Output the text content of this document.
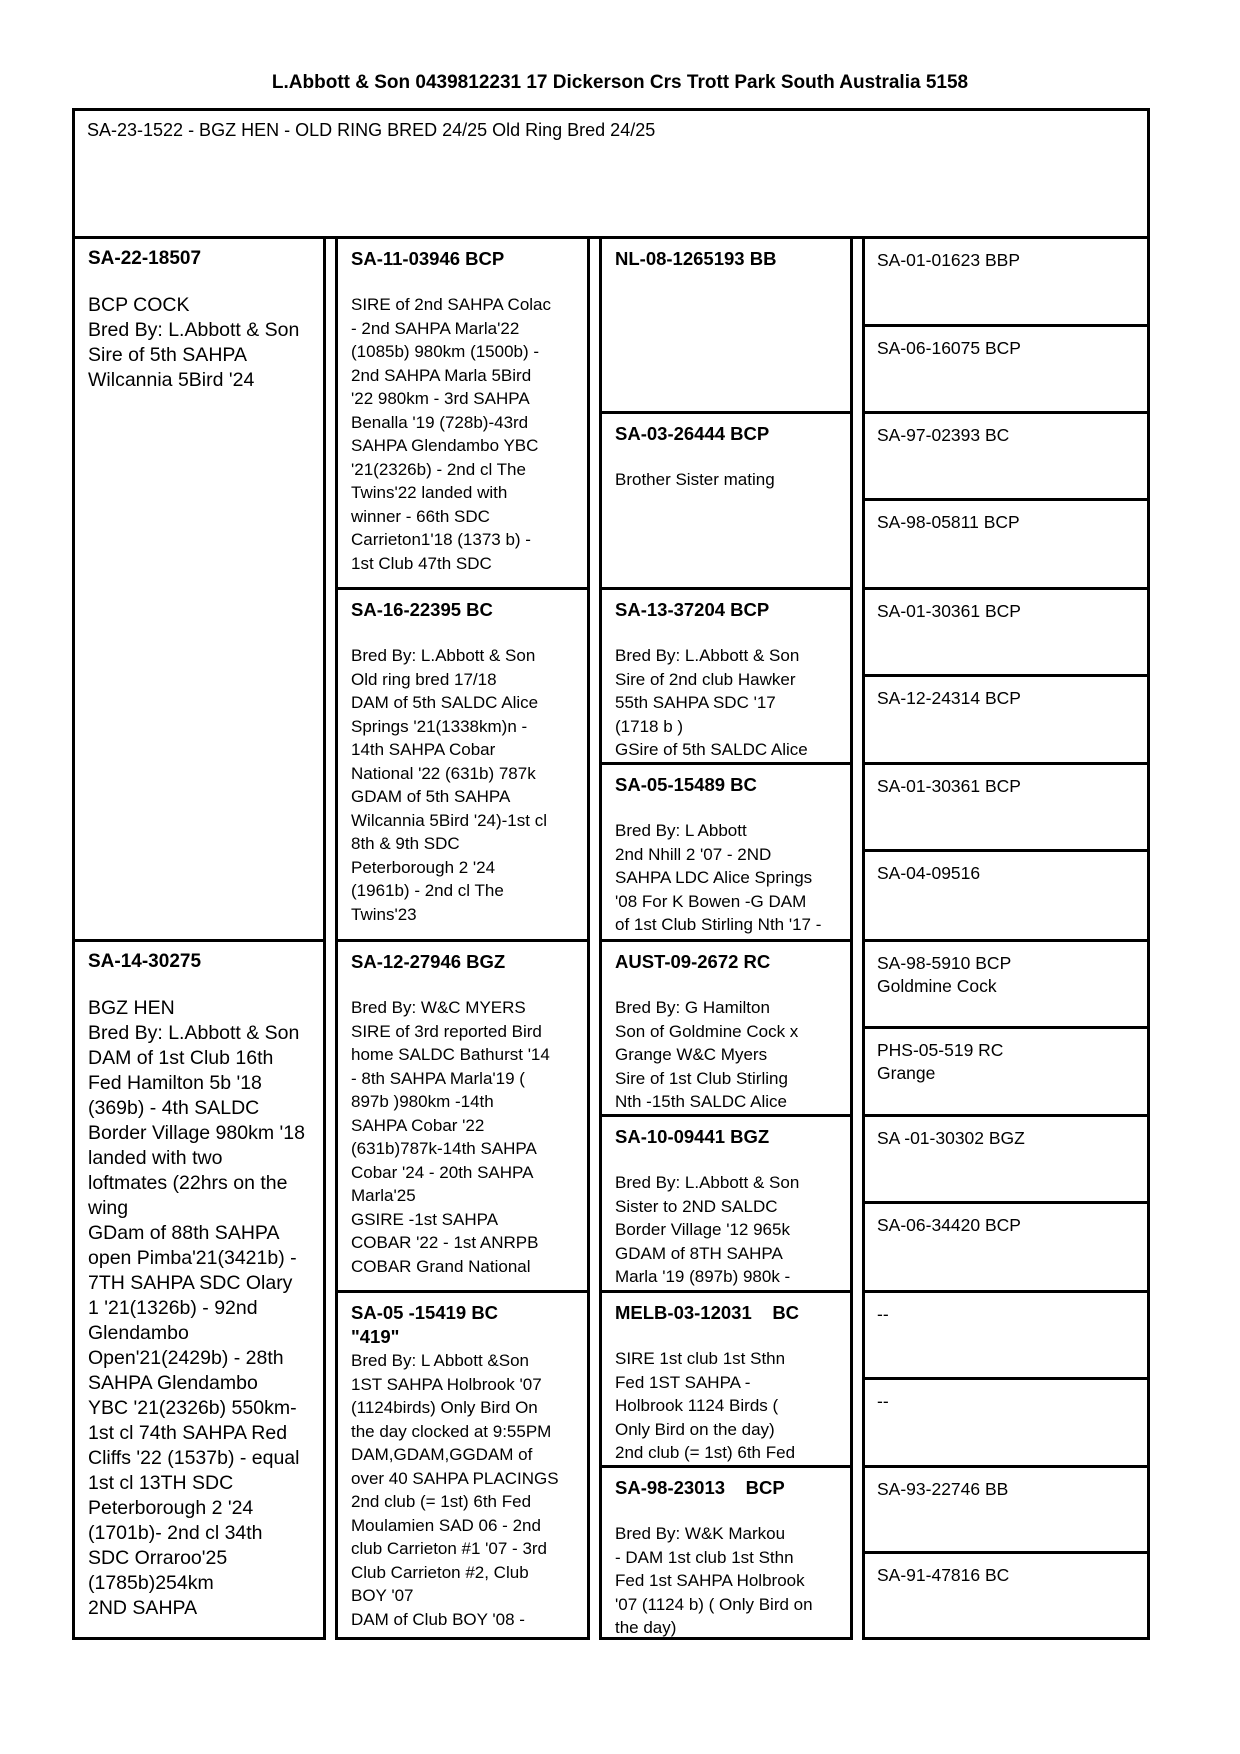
L.Abbott & Son 0439812231 17 Dickerson Crs Trott Park South Australia 5158
SA-23-1522 - BGZ HEN - OLD RING BRED 24/25 Old Ring Bred 24/25
SA-22-18507
BCP COCK
Bred By: L.Abbott & Son
Sire of 5th SAHPA
Wilcannia 5Bird '24
SA-14-30275
BGZ HEN
Bred By: L.Abbott & Son
DAM of 1st Club 16th
Fed Hamilton 5b '18
(369b) - 4th SALDC
Border Village 980km '18
landed with two
loftmates (22hrs on the
wing
GDam of 88th SAHPA
open Pimba'21(3421b) -
7TH SAHPA SDC Olary
1 '21(1326b) - 92nd
Glendambo
Open'21(2429b) - 28th
SAHPA Glendambo
YBC '21(2326b) 550km-
1st cl 74th SAHPA Red
Cliffs '22 (1537b) - equal
1st cl 13TH SDC
Peterborough 2 '24
(1701b)- 2nd cl 34th
SDC Orraroo'25
(1785b)254km
2ND SAHPA
SA-11-03946 BCP
SIRE of 2nd SAHPA Colac
- 2nd SAHPA Marla'22
(1085b) 980km (1500b) -
2nd SAHPA Marla 5Bird
'22 980km - 3rd SAHPA
Benalla '19 (728b)-43rd
SAHPA Glendambo YBC
'21(2326b) - 2nd cl The
Twins'22 landed with
winner - 66th SDC
Carrieton1'18 (1373 b) -
1st Club 47th SDC
SA-16-22395 BC
Bred By: L.Abbott & Son
Old ring bred 17/18
DAM of 5th SALDC Alice
Springs '21(1338km)n -
14th SAHPA Cobar
National '22 (631b) 787k
GDAM of 5th SAHPA
Wilcannia 5Bird '24)-1st cl
8th & 9th SDC
Peterborough 2 '24
(1961b) - 2nd cl The
Twins'23
SA-12-27946 BGZ
Bred By: W&C MYERS
SIRE of 3rd reported Bird
home SALDC Bathurst '14
- 8th SAHPA Marla'19 (
897b )980km -14th
SAHPA Cobar '22
(631b)787k-14th SAHPA
Cobar '24 - 20th SAHPA
Marla'25
GSIRE -1st SAHPA
COBAR '22 - 1st ANRPB
COBAR Grand National
SA-05 -15419 BC
"419"
Bred By: L Abbott &Son
1ST SAHPA Holbrook '07
(1124birds) Only Bird On
the day clocked at 9:55PM
DAM,GDAM,GGDAM of
over 40 SAHPA PLACINGS
2nd club (= 1st) 6th Fed
Moulamien SAD 06 - 2nd
club Carrieton #1 '07 - 3rd
Club Carrieton #2, Club
BOY '07
DAM of Club BOY '08 -
NL-08-1265193 BB
SA-03-26444 BCP
Brother Sister mating
SA-13-37204 BCP
Bred By: L.Abbott & Son
Sire of 2nd club Hawker
55th SAHPA SDC '17
(1718 b )
GSire of 5th SALDC Alice
SA-05-15489 BC
Bred By: L Abbott
2nd Nhill 2 '07 - 2ND
SAHPA LDC Alice Springs
'08 For K Bowen -G DAM
of 1st Club Stirling Nth '17 -
AUST-09-2672 RC
Bred By: G Hamilton
Son of Goldmine Cock x
Grange W&C Myers
Sire of 1st Club Stirling
Nth -15th SALDC Alice
SA-10-09441 BGZ
Bred By: L.Abbott & Son
Sister to 2ND SALDC
Border Village '12 965k
GDAM of 8TH SAHPA
Marla '19 (897b) 980k -
MELB-03-12031    BC
SIRE 1st club 1st Sthn
Fed 1ST SAHPA -
Holbrook 1124 Birds (
Only Bird on the day)
2nd club (= 1st) 6th Fed
SA-98-23013    BCP
Bred By: W&K Markou
- DAM 1st club 1st Sthn
Fed 1st SAHPA Holbrook
'07 (1124 b) ( Only Bird on
the day)
SA-01-01623 BBP
SA-06-16075 BCP
SA-97-02393 BC
SA-98-05811 BCP
SA-01-30361 BCP
SA-12-24314 BCP
SA-01-30361 BCP
SA-04-09516
SA-98-5910 BCP
Goldmine Cock
PHS-05-519 RC
Grange
SA -01-30302 BGZ
SA-06-34420 BCP
--
--
SA-93-22746 BB
SA-91-47816 BC
